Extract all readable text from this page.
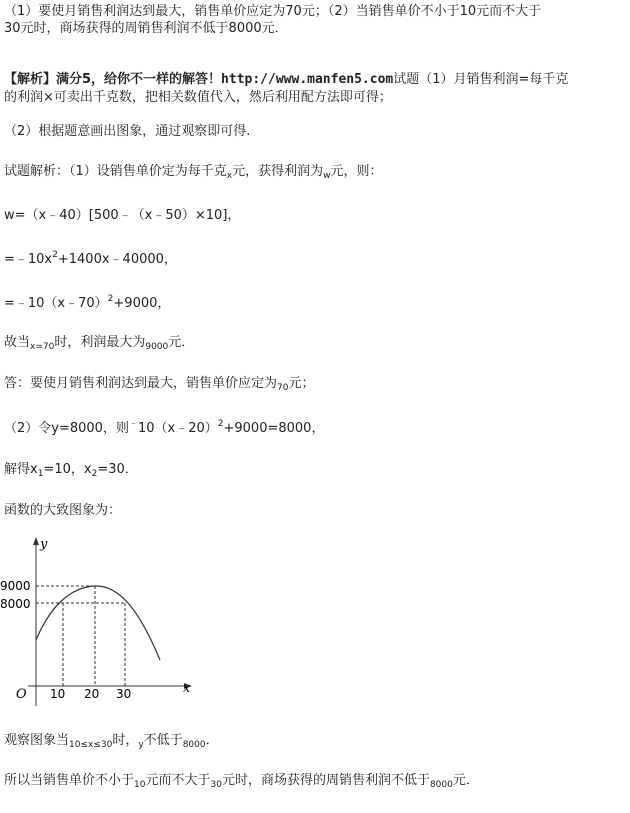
（1）要使月销售利润达到最大，销售单价应定为70元；（2）当销售单价不小于10元而不大于
30元时，商场获得的周销售利润不低于8000元．
【解析】满分5，给你不一样的解答！http://www.manfen5.com试题（1）月销售利润=每千克
的利润×可卖出千克数，把相关数值代入，然后利用配方法即可得；
（2）根据题意画出图象，通过观察即可得.
试题解析：（1）设销售单价定为每千克$_x$元，获得利润为$_w$元，则：
w=（x﹣40）[500﹣（x﹣50）×10]，
$=﹣10x^2+1400x﹣40000$，
=﹣10（x﹣70）$^2$+9000，
故当$_{x=70}$时，利润最大为$_{9000}$元．
答：要使月销售利润达到最大，销售单价应定为$_{70}$元；
（2）令y=8000，则﹣10（x﹣20）$^2$+9000=8000，
解得$x_1=10$，$x_2=30$．
函数的大致图象为：
y
x
O
9000
8000
10 20 30
观察图象当$_{10\le x\le 30}$时，$_y$不低于$_{8000}$．
所以当销售单价不小于$_{10}$元而不大于$_{30}$元时，商场获得的周销售利润不低于$_{8000}$元．
